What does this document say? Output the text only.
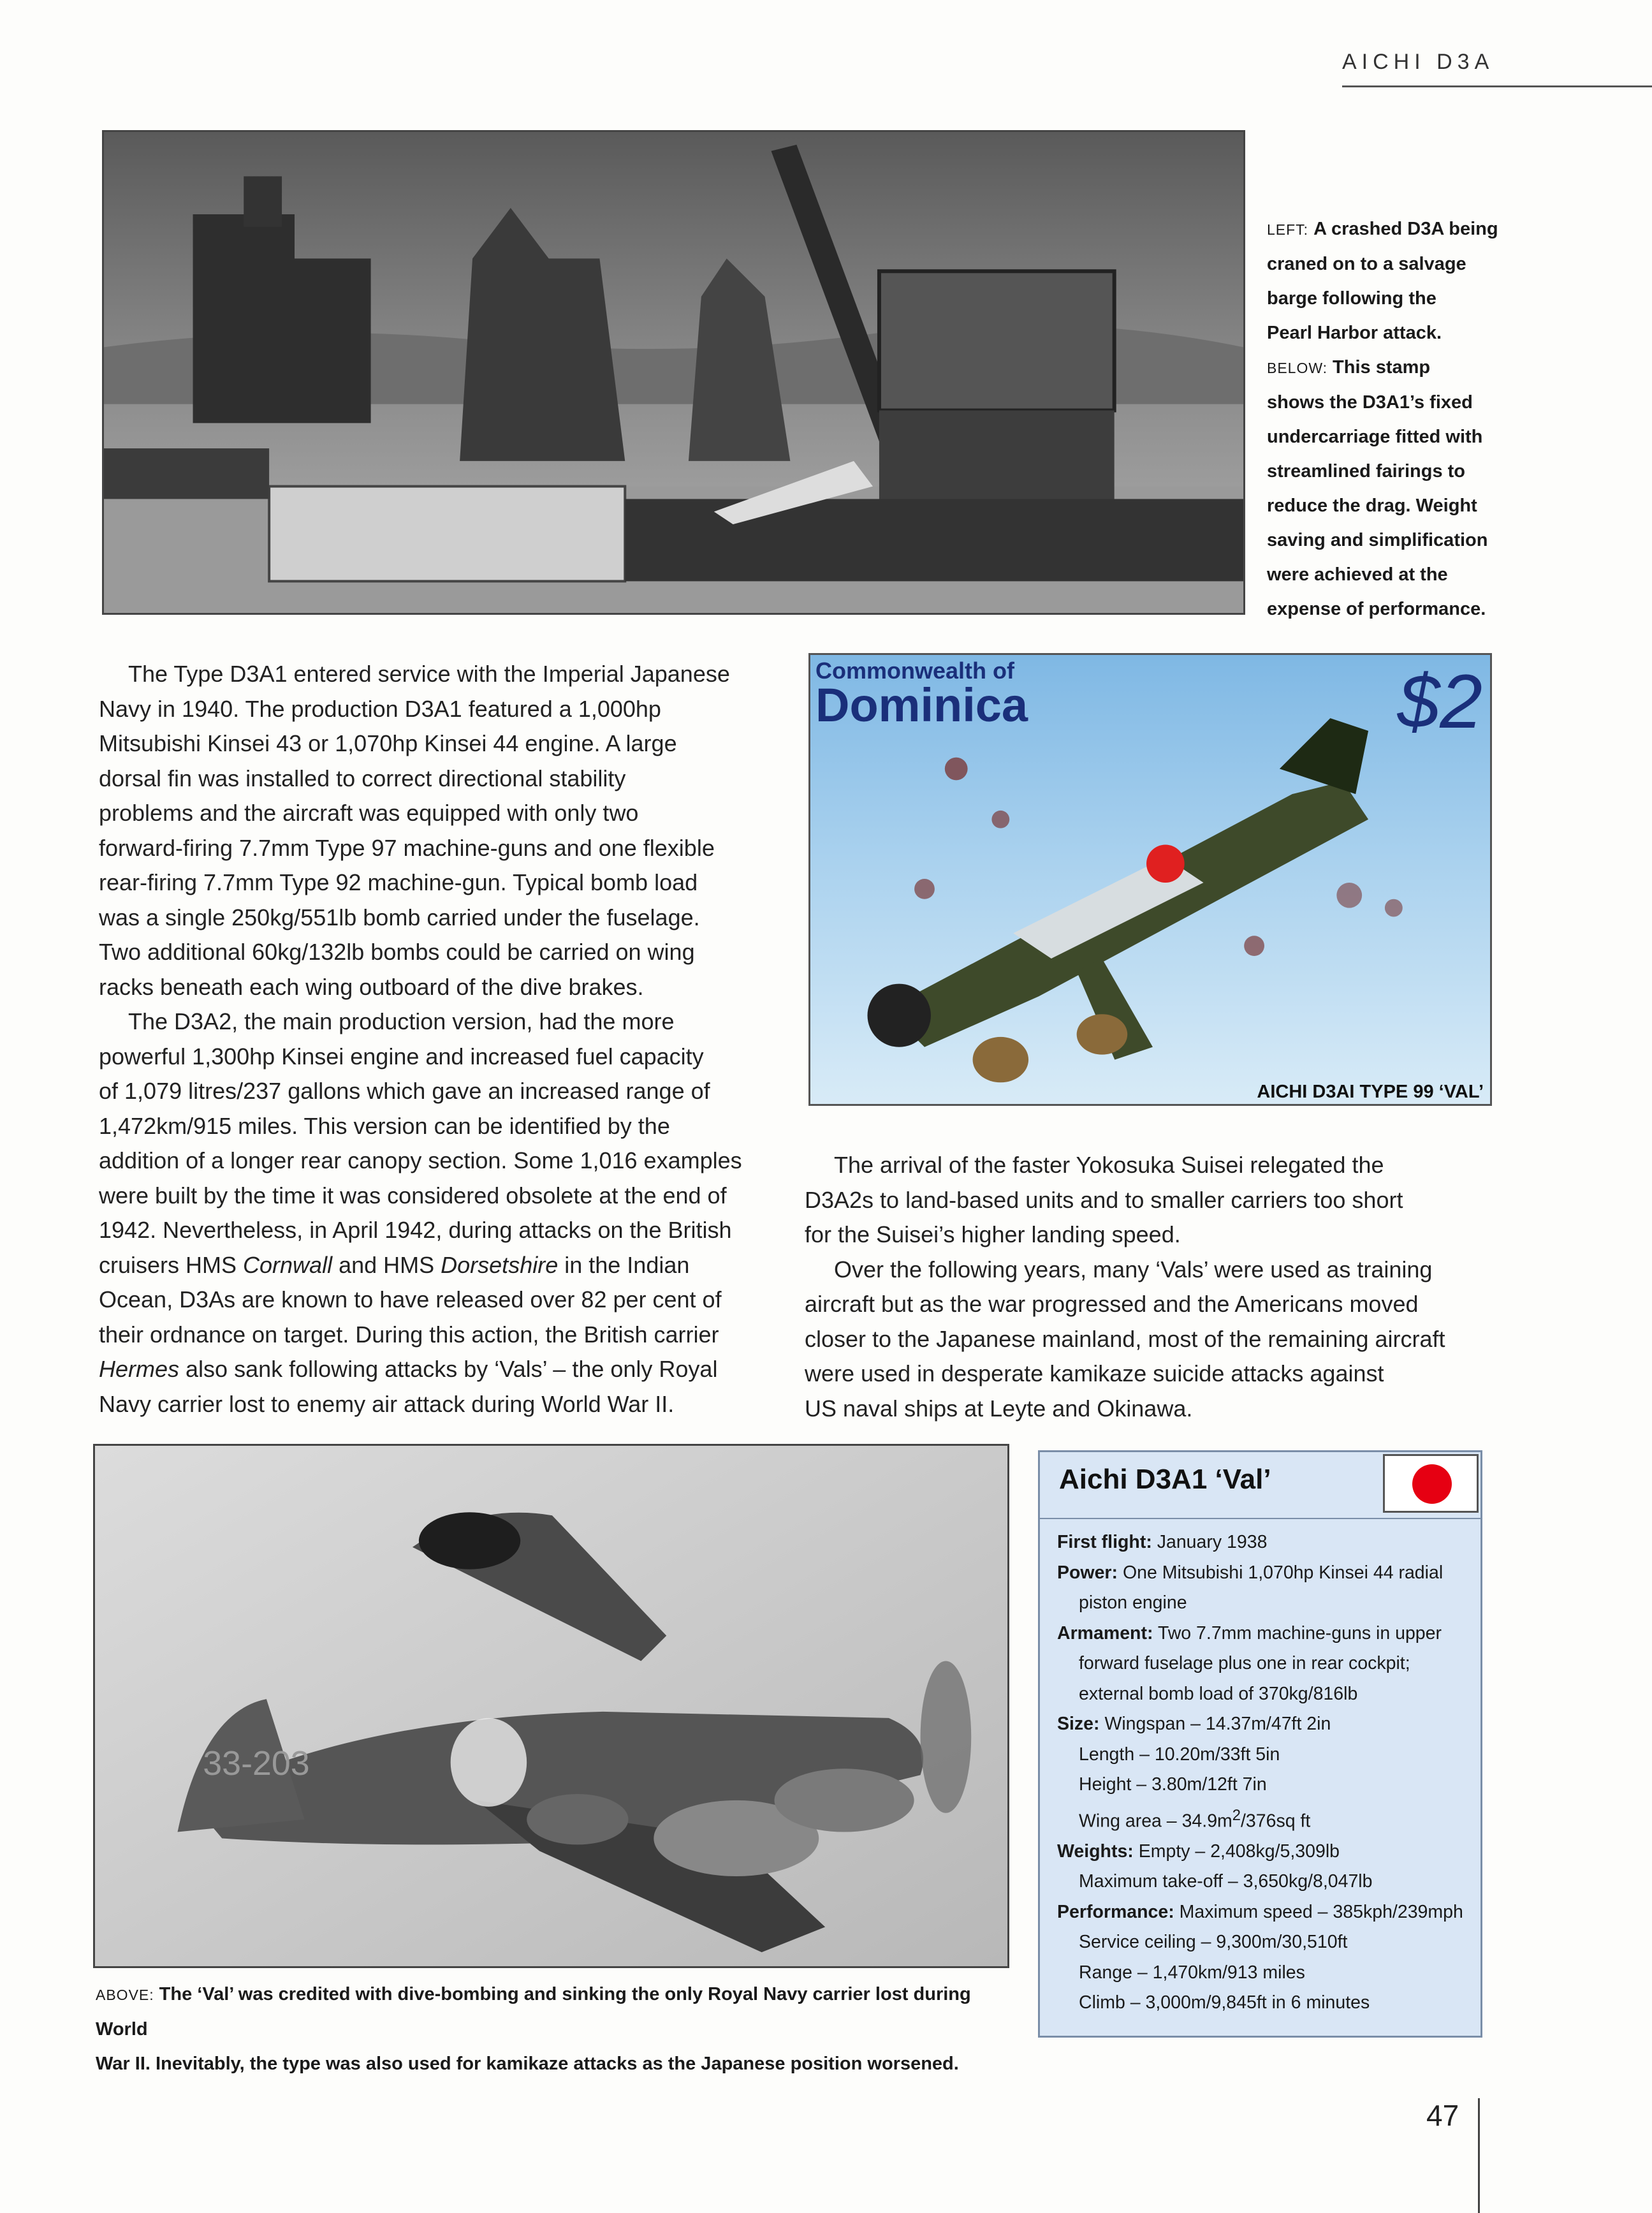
AICHI D3A
LEFT: A crashed D3A being
craned on to a salvage
barge following the
Pearl Harbor attack.
BELOW: This stamp
shows the D3A1’s fixed
undercarriage fitted with
streamlined fairings to
reduce the drag. Weight
saving and simplification
were achieved at the
expense of performance.

The Type D3A1 entered service with the Imperial Japanese
Navy in 1940. The production D3A1 featured a 1,000hp
Mitsubishi Kinsei 43 or 1,070hp Kinsei 44 engine. A large
dorsal fin was installed to correct directional stability
problems and the aircraft was equipped with only two
forward-firing 7.7mm Type 97 machine-guns and one flexible
rear-firing 7.7mm Type 92 machine-gun. Typical bomb load
was a single 250kg/551lb bomb carried under the fuselage.
Two additional 60kg/132lb bombs could be carried on wing
racks beneath each wing outboard of the dive brakes.

The D3A2, the main production version, had the more
powerful 1,300hp Kinsei engine and increased fuel capacity
of 1,079 litres/237 gallons which gave an increased range of
1,472km/915 miles. This version can be identified by the
addition of a longer rear canopy section. Some 1,016 examples
were built by the time it was considered obsolete at the end of
1942. Nevertheless, in April 1942, during attacks on the British
cruisers HMS Cornwall and HMS Dorsetshire in the Indian
Ocean, D3As are known to have released over 82 per cent of
their ordnance on target. During this action, the British carrier
Hermes also sank following attacks by ‘Vals’ – the only Royal
Navy carrier lost to enemy air attack during World War II.

Commonwealth of
Dominica	$2
AICHI D3AI TYPE 99 ‘VAL’

The arrival of the faster Yokosuka Suisei relegated the
D3A2s to land-based units and to smaller carriers too short
for the Suisei’s higher landing speed.

Over the following years, many ‘Vals’ were used as training
aircraft but as the war progressed and the Americans moved
closer to the Japanese mainland, most of the remaining aircraft
were used in desperate kamikaze suicide attacks against
US naval ships at Leyte and Okinawa.

33-203
ABOVE: The ‘Val’ was credited with dive-bombing and sinking the only Royal Navy carrier lost during World
War II. Inevitably, the type was also used for kamikaze attacks as the Japanese position worsened.
Aichi D3A1 ‘Val’
First flight: January 1938
Power: One Mitsubishi 1,070hp Kinsei 44 radial
piston engine
Armament: Two 7.7mm machine-guns in upper
forward fuselage plus one in rear cockpit;
external bomb load of 370kg/816lb
Size: Wingspan – 14.37m/47ft 2in
Length – 10.20m/33ft 5in
Height – 3.80m/12ft 7in
Wing area – $34.9m^2/376sq$ ft
Weights: Empty – 2,408kg/5,309lb
Maximum take-off – 3,650kg/8,047lb
Performance: Maximum speed – 385kph/239mph
Service ceiling – 9,300m/30,510ft
Range – 1,470km/913 miles
Climb – 3,000m/9,845ft in 6 minutes
47
